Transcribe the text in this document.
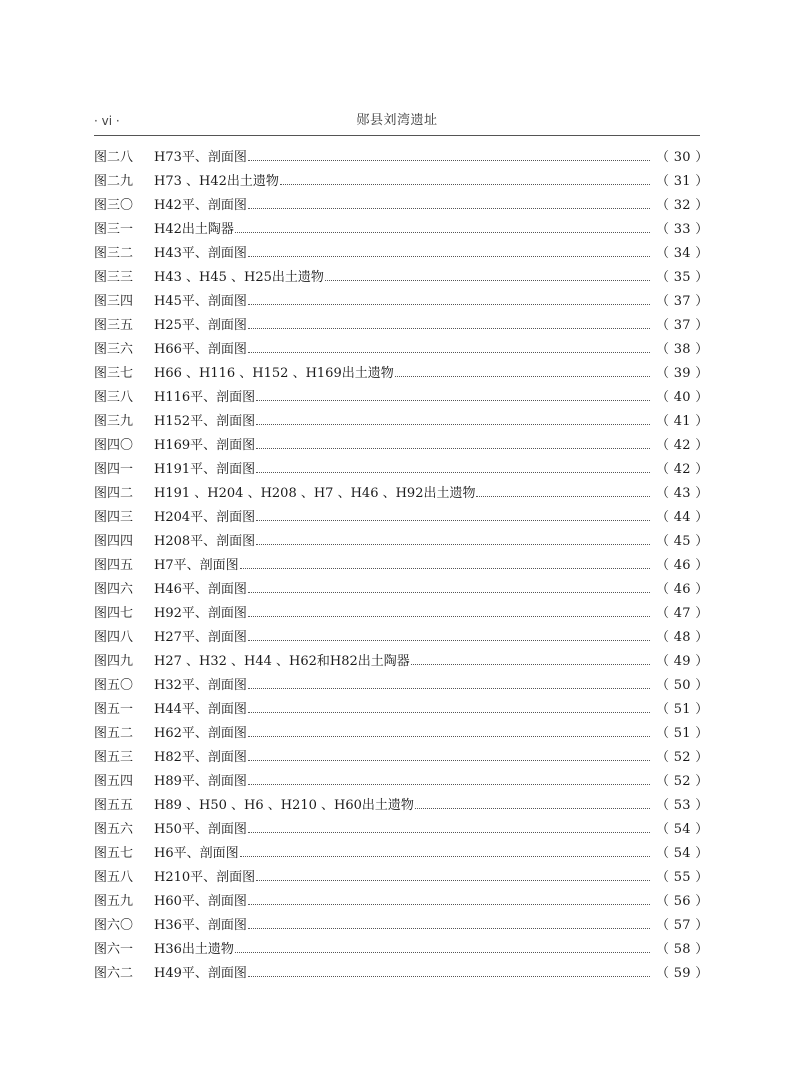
· vi ·	郧县刘湾遗址
图二八	H73平、剖面图	（ 30 ）
图二九	H73 、H42出土遗物	（ 31 ）
图三〇	H42平、剖面图	（ 32 ）
图三一	H42出土陶器	（ 33 ）
图三二	H43平、剖面图	（ 34 ）
图三三	H43 、H45 、H25出土遗物	（ 35 ）
图三四	H45平、剖面图	（ 37 ）
图三五	H25平、剖面图	（ 37 ）
图三六	H66平、剖面图	（ 38 ）
图三七	H66 、H116 、H152 、H169出土遗物	（ 39 ）
图三八	H116平、剖面图	（ 40 ）
图三九	H152平、剖面图	（ 41 ）
图四〇	H169平、剖面图	（ 42 ）
图四一	H191平、剖面图	（ 42 ）
图四二	H191 、H204 、H208 、H7 、H46 、H92出土遗物	（ 43 ）
图四三	H204平、剖面图	（ 44 ）
图四四	H208平、剖面图	（ 45 ）
图四五	H7平、剖面图	（ 46 ）
图四六	H46平、剖面图	（ 46 ）
图四七	H92平、剖面图	（ 47 ）
图四八	H27平、剖面图	（ 48 ）
图四九	H27 、H32 、H44 、H62和H82出土陶器	（ 49 ）
图五〇	H32平、剖面图	（ 50 ）
图五一	H44平、剖面图	（ 51 ）
图五二	H62平、剖面图	（ 51 ）
图五三	H82平、剖面图	（ 52 ）
图五四	H89平、剖面图	（ 52 ）
图五五	H89 、H50 、H6 、H210 、H60出土遗物	（ 53 ）
图五六	H50平、剖面图	（ 54 ）
图五七	H6平、剖面图	（ 54 ）
图五八	H210平、剖面图	（ 55 ）
图五九	H60平、剖面图	（ 56 ）
图六〇	H36平、剖面图	（ 57 ）
图六一	H36出土遗物	（ 58 ）
图六二	H49平、剖面图	（ 59 ）
